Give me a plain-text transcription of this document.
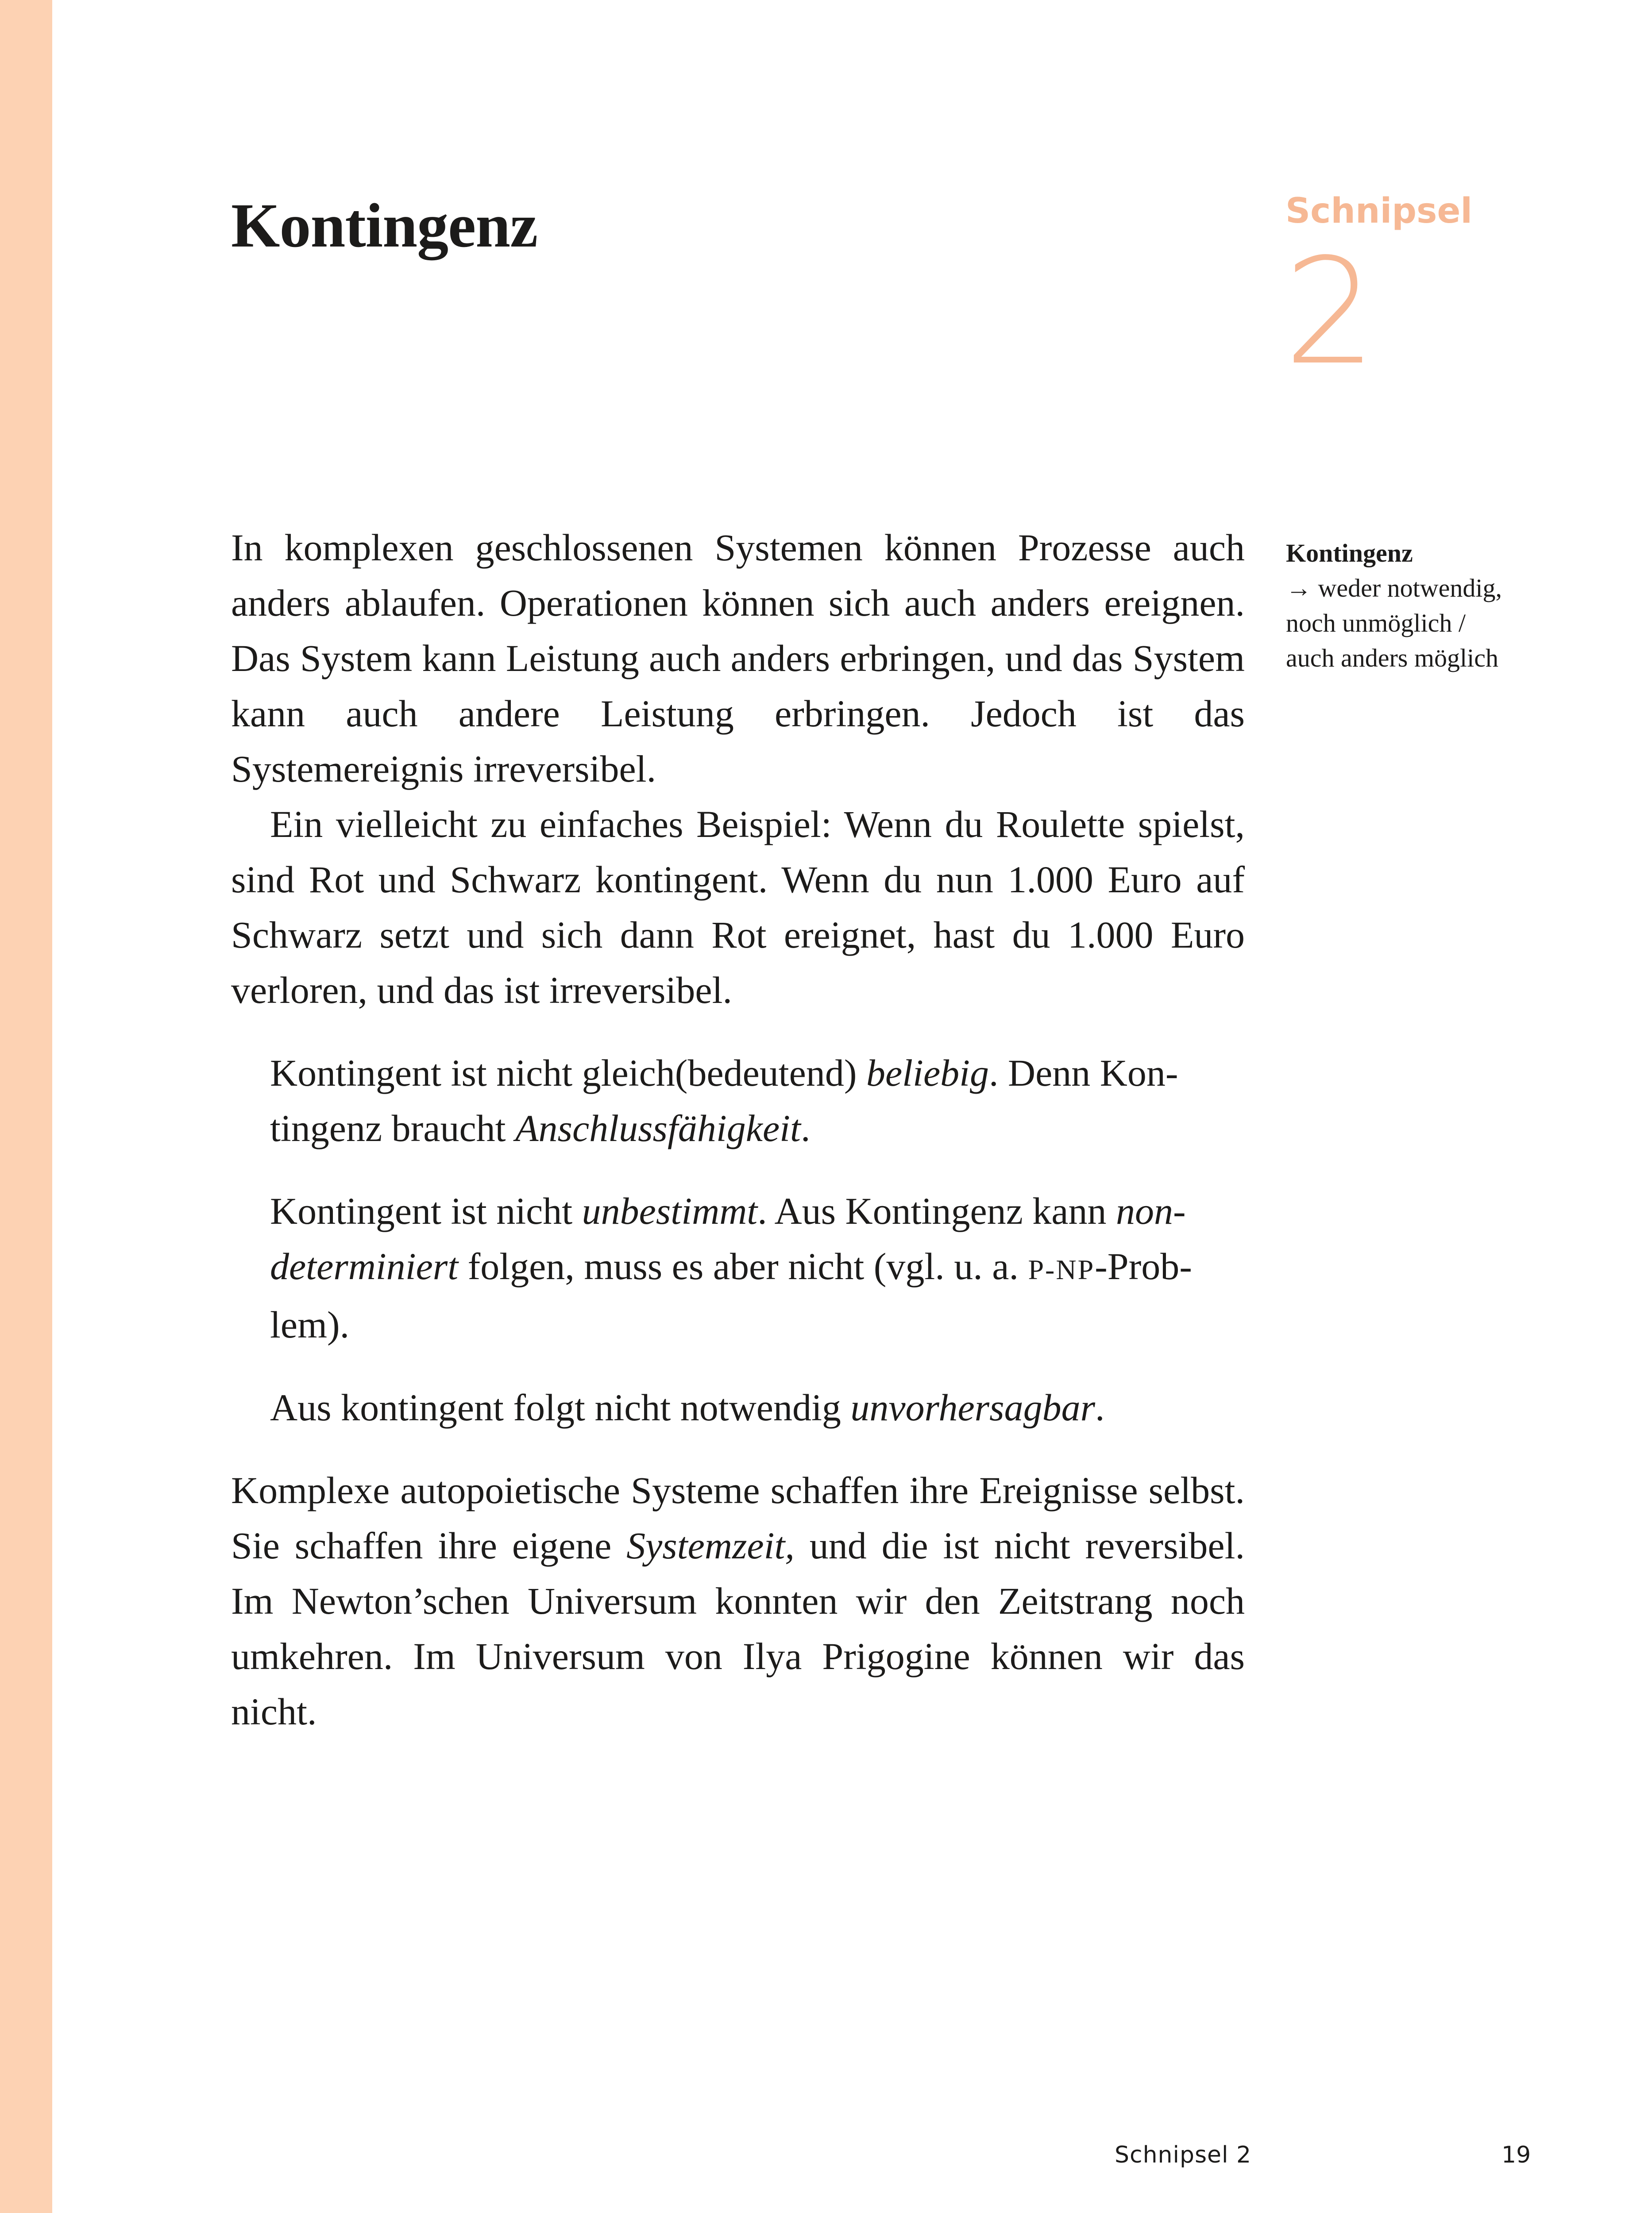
Kontingenz	Schnipsel
2

In komplexen geschlossenen Systemen können Prozesse auch anders ablaufen. Operationen können sich auch anders ereignen. Das System kann Leistung auch anders erbringen, und das System kann auch andere Leistung erbringen. Jedoch ist das Systemereignis irreversibel.

Ein vielleicht zu einfaches Beispiel: Wenn du Roulette spielst, sind Rot und Schwarz kontingent. Wenn du nun 1.000 Euro auf Schwarz setzt und sich dann Rot ereignet, hast du 1.000 Euro verloren, und das ist irreversibel.

Kontingent ist nicht gleich(bedeutend) beliebig. Denn Kontingenz braucht Anschlussfähigkeit.

Kontingent ist nicht unbestimmt. Aus Kontingenz kann non-determiniert folgen, muss es aber nicht (vgl. u. a. P-NP-Problem).

Aus kontingent folgt nicht notwendig unvorhersagbar.

Komplexe autopoietische Systeme schaffen ihre Ereignisse selbst. Sie schaffen ihre eigene Systemzeit, und die ist nicht reversibel. Im Newton’schen Universum konnten wir den Zeitstrang noch umkehren. Im Universum von Ilya Prigogine können wir das nicht.

Kontingenz
→ weder notwendig,
noch unmöglich /
auch anders möglich
Schnipsel 2	19
